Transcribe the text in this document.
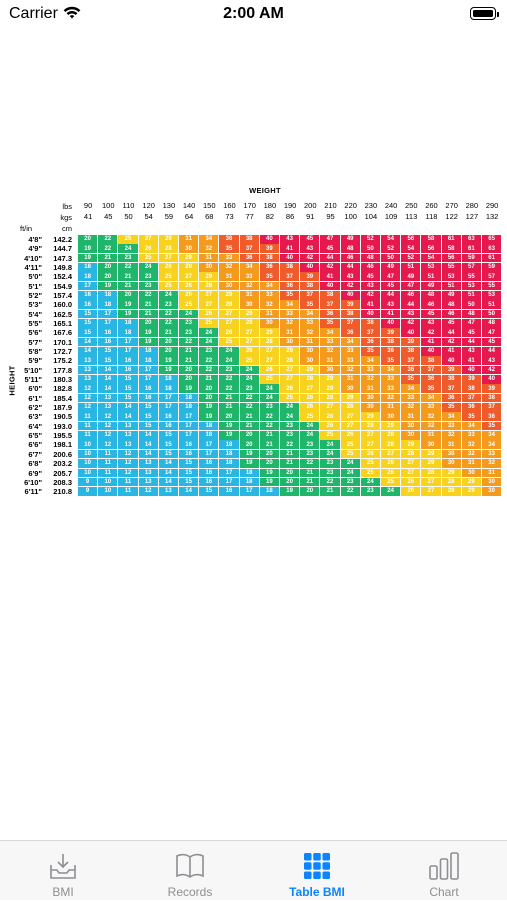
Carrier	2:00 AM
WEIGHT
HEIGHT
lbs
kgs
ft/in	cm
90	100	110	120	130	140	150	160	170	180	190	200	210	220	230	240	250	260	270	280	290
41	45	50	54	59	64	68	73	77	82	86	91	95	100	104	109	113	118	122	127	132
4'8"	142.2	20	22	25	27	29	31	34	36	38	40	43	45	47	49	52	54	56	58	61	63	65
4'9"	144.7	19	22	24	26	28	30	32	35	37	39	41	43	45	48	50	52	54	56	58	61	63
4'10"	147.3	19	21	23	25	27	29	31	33	36	38	40	42	44	46	48	50	52	54	56	59	61
4'11"	149.8	18	20	22	24	26	28	30	32	34	36	38	40	42	44	46	49	51	53	55	57	59
5'0"	152.4	18	20	21	23	25	27	29	31	33	35	37	39	41	43	45	47	49	51	53	55	57
5'1"	154.9	17	19	21	23	25	26	28	30	32	34	36	38	40	42	43	45	47	49	51	53	55
5'2"	157.4	16	18	20	22	24	26	27	29	31	33	35	37	38	40	42	44	46	48	49	51	53
5'3"	160.0	16	18	19	21	23	25	27	28	30	32	34	35	37	39	41	43	44	46	48	50	51
5'4"	162.5	15	17	19	21	22	24	26	27	29	31	33	34	36	38	40	41	43	45	46	48	50
5'5"	165.1	15	17	18	20	22	23	25	27	28	30	32	33	35	37	38	40	42	43	45	47	48
5'6"	167.6	15	16	18	19	21	23	24	26	27	29	31	32	34	36	37	39	40	42	44	45	47
5'7"	170.1	14	16	17	19	20	22	24	25	27	28	30	31	33	34	36	38	39	41	42	44	45
5'8"	172.7	14	15	17	18	20	21	23	24	26	27	29	30	32	33	35	36	38	40	41	43	44
5'9"	175.2	13	15	16	18	19	21	22	24	25	27	28	30	31	33	34	35	37	38	40	41	43
5'10"	177.8	13	14	16	17	19	20	22	23	24	26	27	29	30	32	33	34	36	37	39	40	42
5'11"	180.3	13	14	15	17	18	20	21	22	24	25	27	28	29	31	32	33	35	36	38	39	40
6'0"	182.8	12	14	15	16	18	19	20	22	23	24	26	27	29	30	31	33	34	35	37	38	39
6'1"	185.4	12	13	15	16	17	18	20	21	22	24	25	26	28	29	30	32	33	34	36	37	38
6'2"	187.9	12	13	14	15	17	18	19	21	22	23	24	26	27	28	30	31	32	33	35	36	37
6'3"	190.5	11	12	14	15	16	17	19	20	21	22	24	25	26	27	29	30	31	32	34	35	36
6'4"	193.0	11	12	13	15	16	17	18	19	21	22	23	24	26	27	28	29	30	32	33	34	35
6'5"	195.5	11	12	13	14	15	17	18	19	20	21	23	24	25	26	27	28	30	31	32	33	34
6'6"	198.1	10	12	13	14	15	16	17	18	20	21	22	23	24	25	27	28	29	30	31	32	34
6'7"	200.6	10	11	12	14	15	16	17	18	19	20	21	23	24	25	26	27	28	29	30	32	33
6'8"	203.2	10	11	12	13	14	15	16	18	19	20	21	22	23	24	25	26	27	29	30	31	32
6'9"	205.7	10	11	12	13	14	15	16	17	18	19	20	21	23	24	25	26	27	28	29	30	31
6'10"	208.3	9	10	11	13	14	15	16	17	18	19	20	21	22	23	24	25	26	27	28	29	30
6'11"	210.8	9	10	11	12	13	14	15	16	17	18	19	20	21	22	23	24	26	27	28	29	30
BMI	Records	Table BMI	Chart
